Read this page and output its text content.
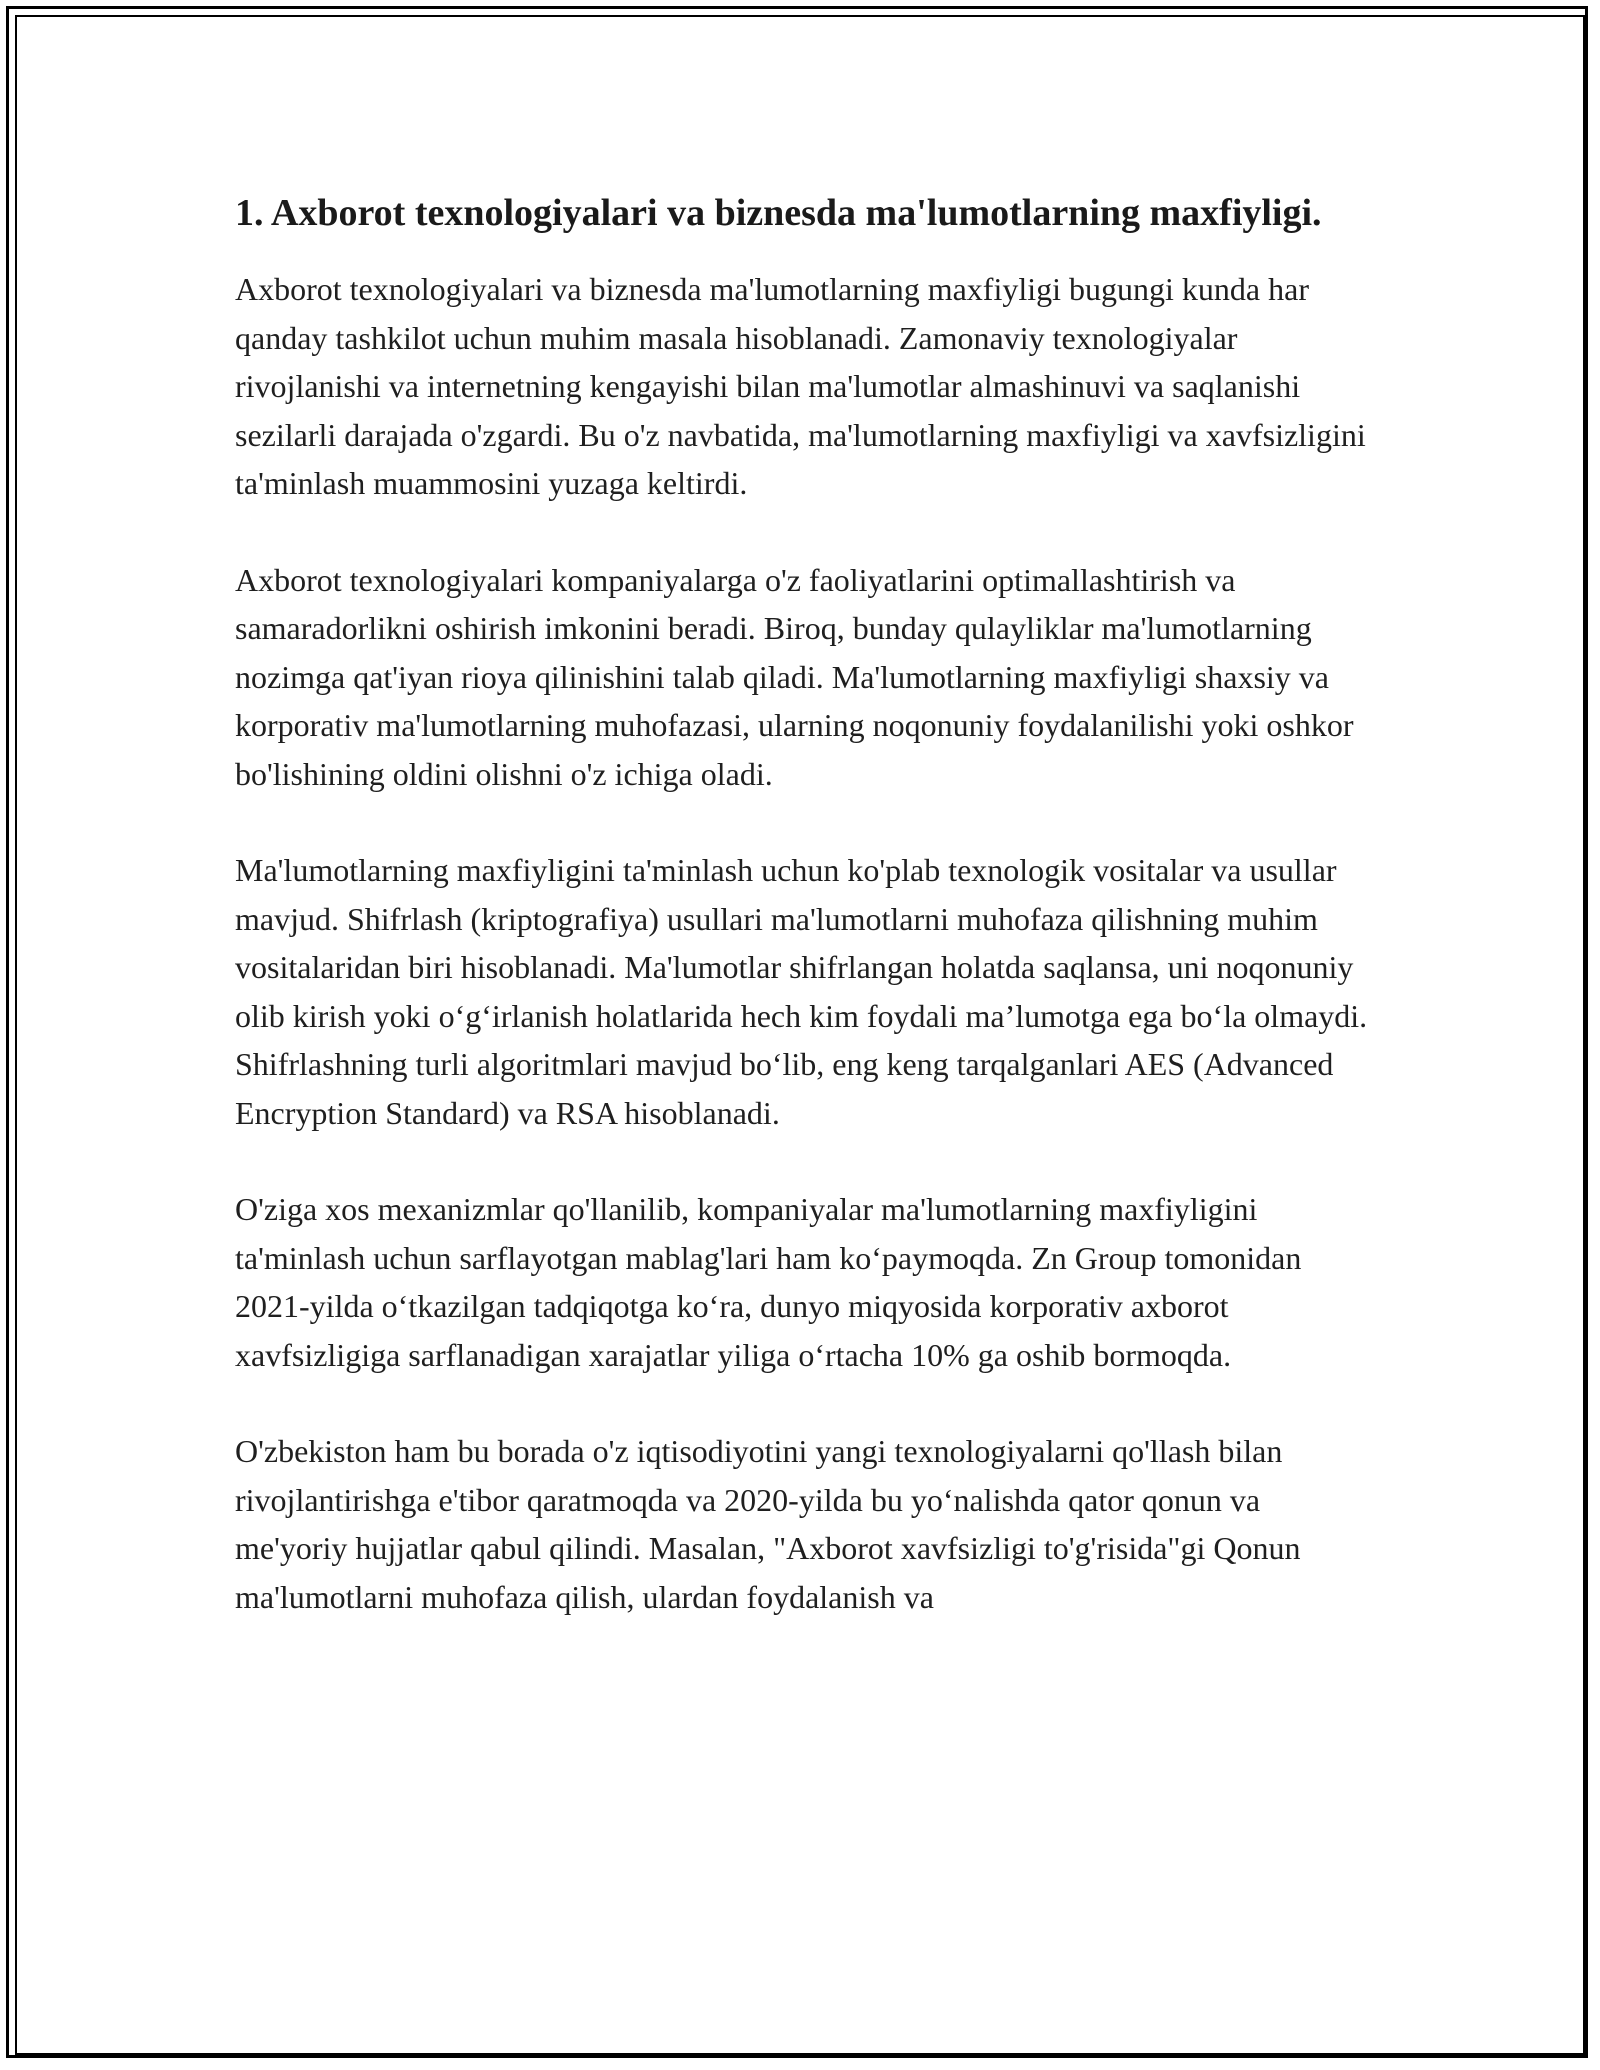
1. Axborot texnologiyalari va biznesda ma'lumotlarning maxfiyligi.

Axborot texnologiyalari va biznesda ma'lumotlarning maxfiyligi bugungi kunda har qanday tashkilot uchun muhim masala hisoblanadi. Zamonaviy texnologiyalar rivojlanishi va internetning kengayishi bilan ma'lumotlar almashinuvi va saqlanishi sezilarli darajada o'zgardi. Bu o'z navbatida, ma'lumotlarning maxfiyligi va xavfsizligini ta'minlash muammosini yuzaga keltirdi.

Axborot texnologiyalari kompaniyalarga o'z faoliyatlarini optimallashtirish va samaradorlikni oshirish imkonini beradi. Biroq, bunday qulayliklar ma'lumotlarning nozimga qat'iyan rioya qilinishini talab qiladi. Ma'lumotlarning maxfiyligi shaxsiy va korporativ ma'lumotlarning muhofazasi, ularning noqonuniy foydalanilishi yoki oshkor bo'lishining oldini olishni o'z ichiga oladi.

Ma'lumotlarning maxfiyligini ta'minlash uchun ko'plab texnologik vositalar va usullar mavjud. Shifrlash (kriptografiya) usullari ma'lumotlarni muhofaza qilishning muhim vositalaridan biri hisoblanadi. Ma'lumotlar shifrlangan holatda saqlansa, uni noqonuniy olib kirish yoki o‘g‘irlanish holatlarida hech kim foydali ma’lumotga ega bo‘la olmaydi. Shifrlashning turli algoritmlari mavjud bo‘lib, eng keng tarqalganlari AES (Advanced Encryption Standard) va RSA hisoblanadi.

O'ziga xos mexanizmlar qo'llanilib, kompaniyalar ma'lumotlarning maxfiyligini ta'minlash uchun sarflayotgan mablag'lari ham ko‘paymoqda. Zn Group tomonidan 2021-yilda o‘tkazilgan tadqiqotga ko‘ra, dunyo miqyosida korporativ axborot xavfsizligiga sarflanadigan xarajatlar yiliga o‘rtacha 10% ga oshib bormoqda.

O'zbekiston ham bu borada o'z iqtisodiyotini yangi texnologiyalarni qo'llash bilan rivojlantirishga e'tibor qaratmoqda va 2020-yilda bu yo‘nalishda qator qonun va me'yoriy hujjatlar qabul qilindi. Masalan, "Axborot xavfsizligi to'g'risida"gi Qonun ma'lumotlarni muhofaza qilish, ulardan foydalanish va
